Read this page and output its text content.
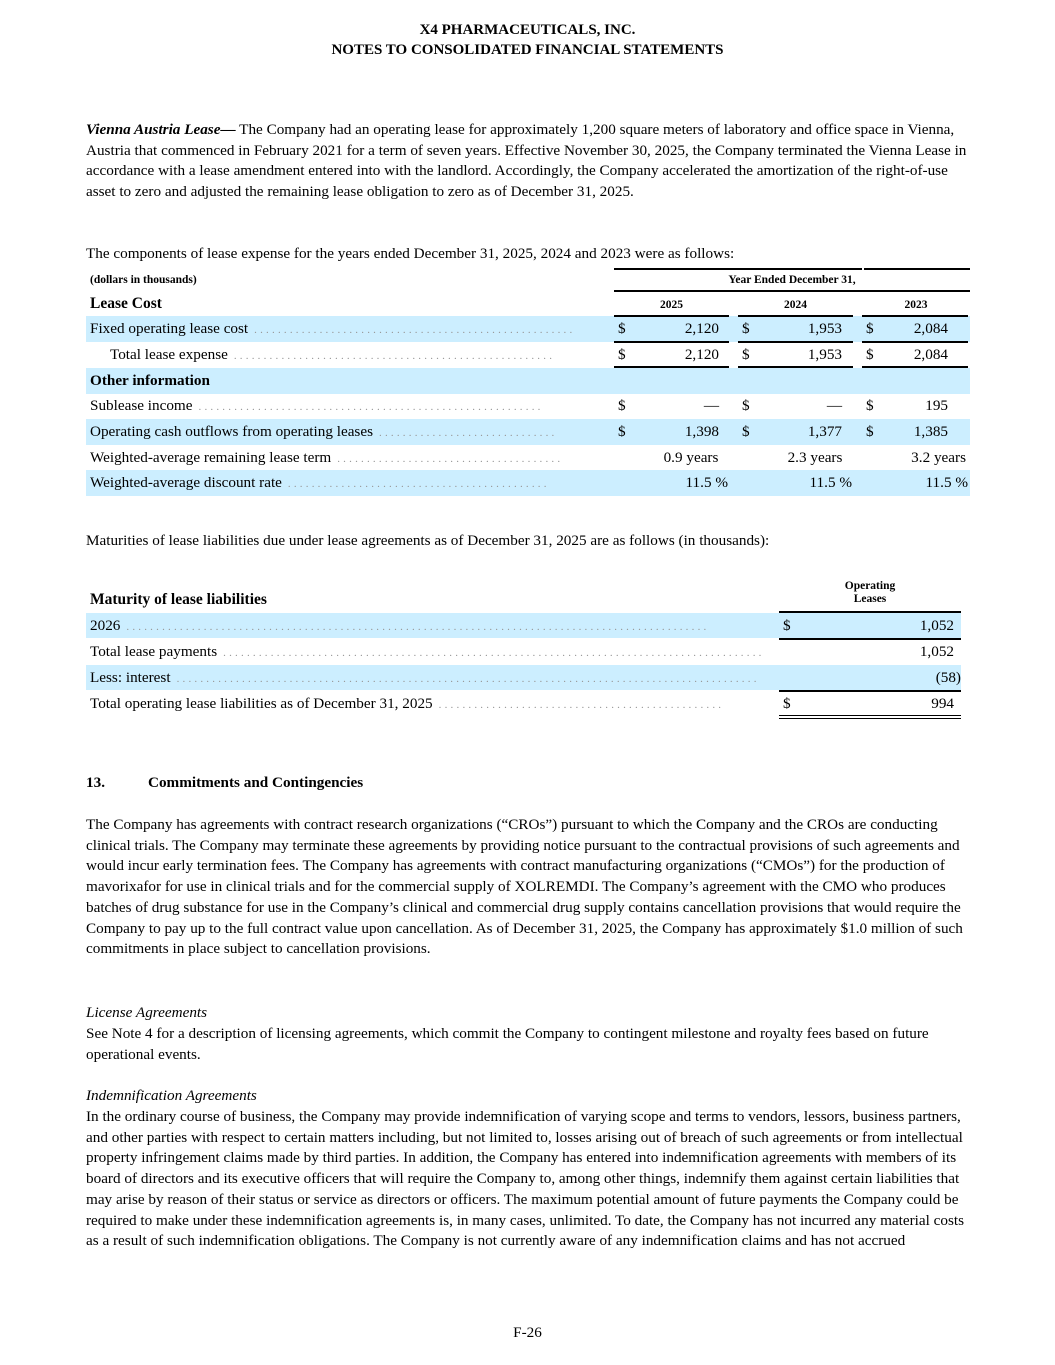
X4 PHARMACEUTICALS, INC.
NOTES TO CONSOLIDATED FINANCIAL STATEMENTS

Vienna Austria Lease— The Company had an operating lease for approximately 1,200 square meters of laboratory and office space in Vienna, Austria that commenced in February 2021 for a term of seven years. Effective November 30, 2025, the Company terminated the Vienna Lease in accordance with a lease amendment entered into with the landlord. Accordingly, the Company accelerated the amortization of the right-of-use asset to zero and adjusted the remaining lease obligation to zero as of December 31, 2025.

The components of lease expense for the years ended December 31, 2025, 2024 and 2023 were as follows:

(dollars in thousands)	Year Ended December 31,
Lease Cost	2025	2024	2023
Fixed operating lease cost ......................................................	$	2,120 $	1,953 $	2,084
Total lease expense ......................................................	$	2,120 $	1,953 $	2,084
Other information
Sublease income ..........................................................	$	— $	— $	195
Operating cash outflows from operating leases ..............................	$	1,398 $	1,377 $	1,385
Weighted-average remaining lease term ......................................	0.9 years	2.3 years	3.2 years
Weighted-average discount rate ............................................	11.5 %	11.5 %	11.5 %

Maturities of lease liabilities due under lease agreements as of December 31, 2025 are as follows (in thousands):

Maturity of lease liabilities
Operating
Leases
2026 ..................................................................................................	$	1,052
Total lease payments ...........................................................................................	1,052
Less: interest ..................................................................................................	(58)
Total operating lease liabilities as of December 31, 2025 ................................................	$	994
13.	Commitments and Contingencies

The Company has agreements with contract research organizations (“CROs”) pursuant to which the Company and the CROs are conducting clinical trials. The Company may terminate these agreements by providing notice pursuant to the contractual provisions of such agreements and would incur early termination fees. The Company has agreements with contract manufacturing organizations (“CMOs”) for the production of mavorixafor for use in clinical trials and for the commercial supply of XOLREMDI. The Company’s agreement with the CMO who produces batches of drug substance for use in the Company’s clinical and commercial drug supply contains cancellation provisions that would require the Company to pay up to the full contract value upon cancellation. As of December 31, 2025, the Company has approximately $1.0 million of such commitments in place subject to cancellation provisions.

License Agreements

See Note 4 for a description of licensing agreements, which commit the Company to contingent milestone and royalty fees based on future operational events.

Indemnification Agreements

In the ordinary course of business, the Company may provide indemnification of varying scope and terms to vendors, lessors, business partners, and other parties with respect to certain matters including, but not limited to, losses arising out of breach of such agreements or from intellectual property infringement claims made by third parties. In addition, the Company has entered into indemnification agreements with members of its board of directors and its executive officers that will require the Company to, among other things, indemnify them against certain liabilities that may arise by reason of their status or service as directors or officers. The maximum potential amount of future payments the Company could be required to make under these indemnification agreements is, in many cases, unlimited. To date, the Company has not incurred any material costs as a result of such indemnification obligations. The Company is not currently aware of any indemnification claims and has not accrued

F-26
